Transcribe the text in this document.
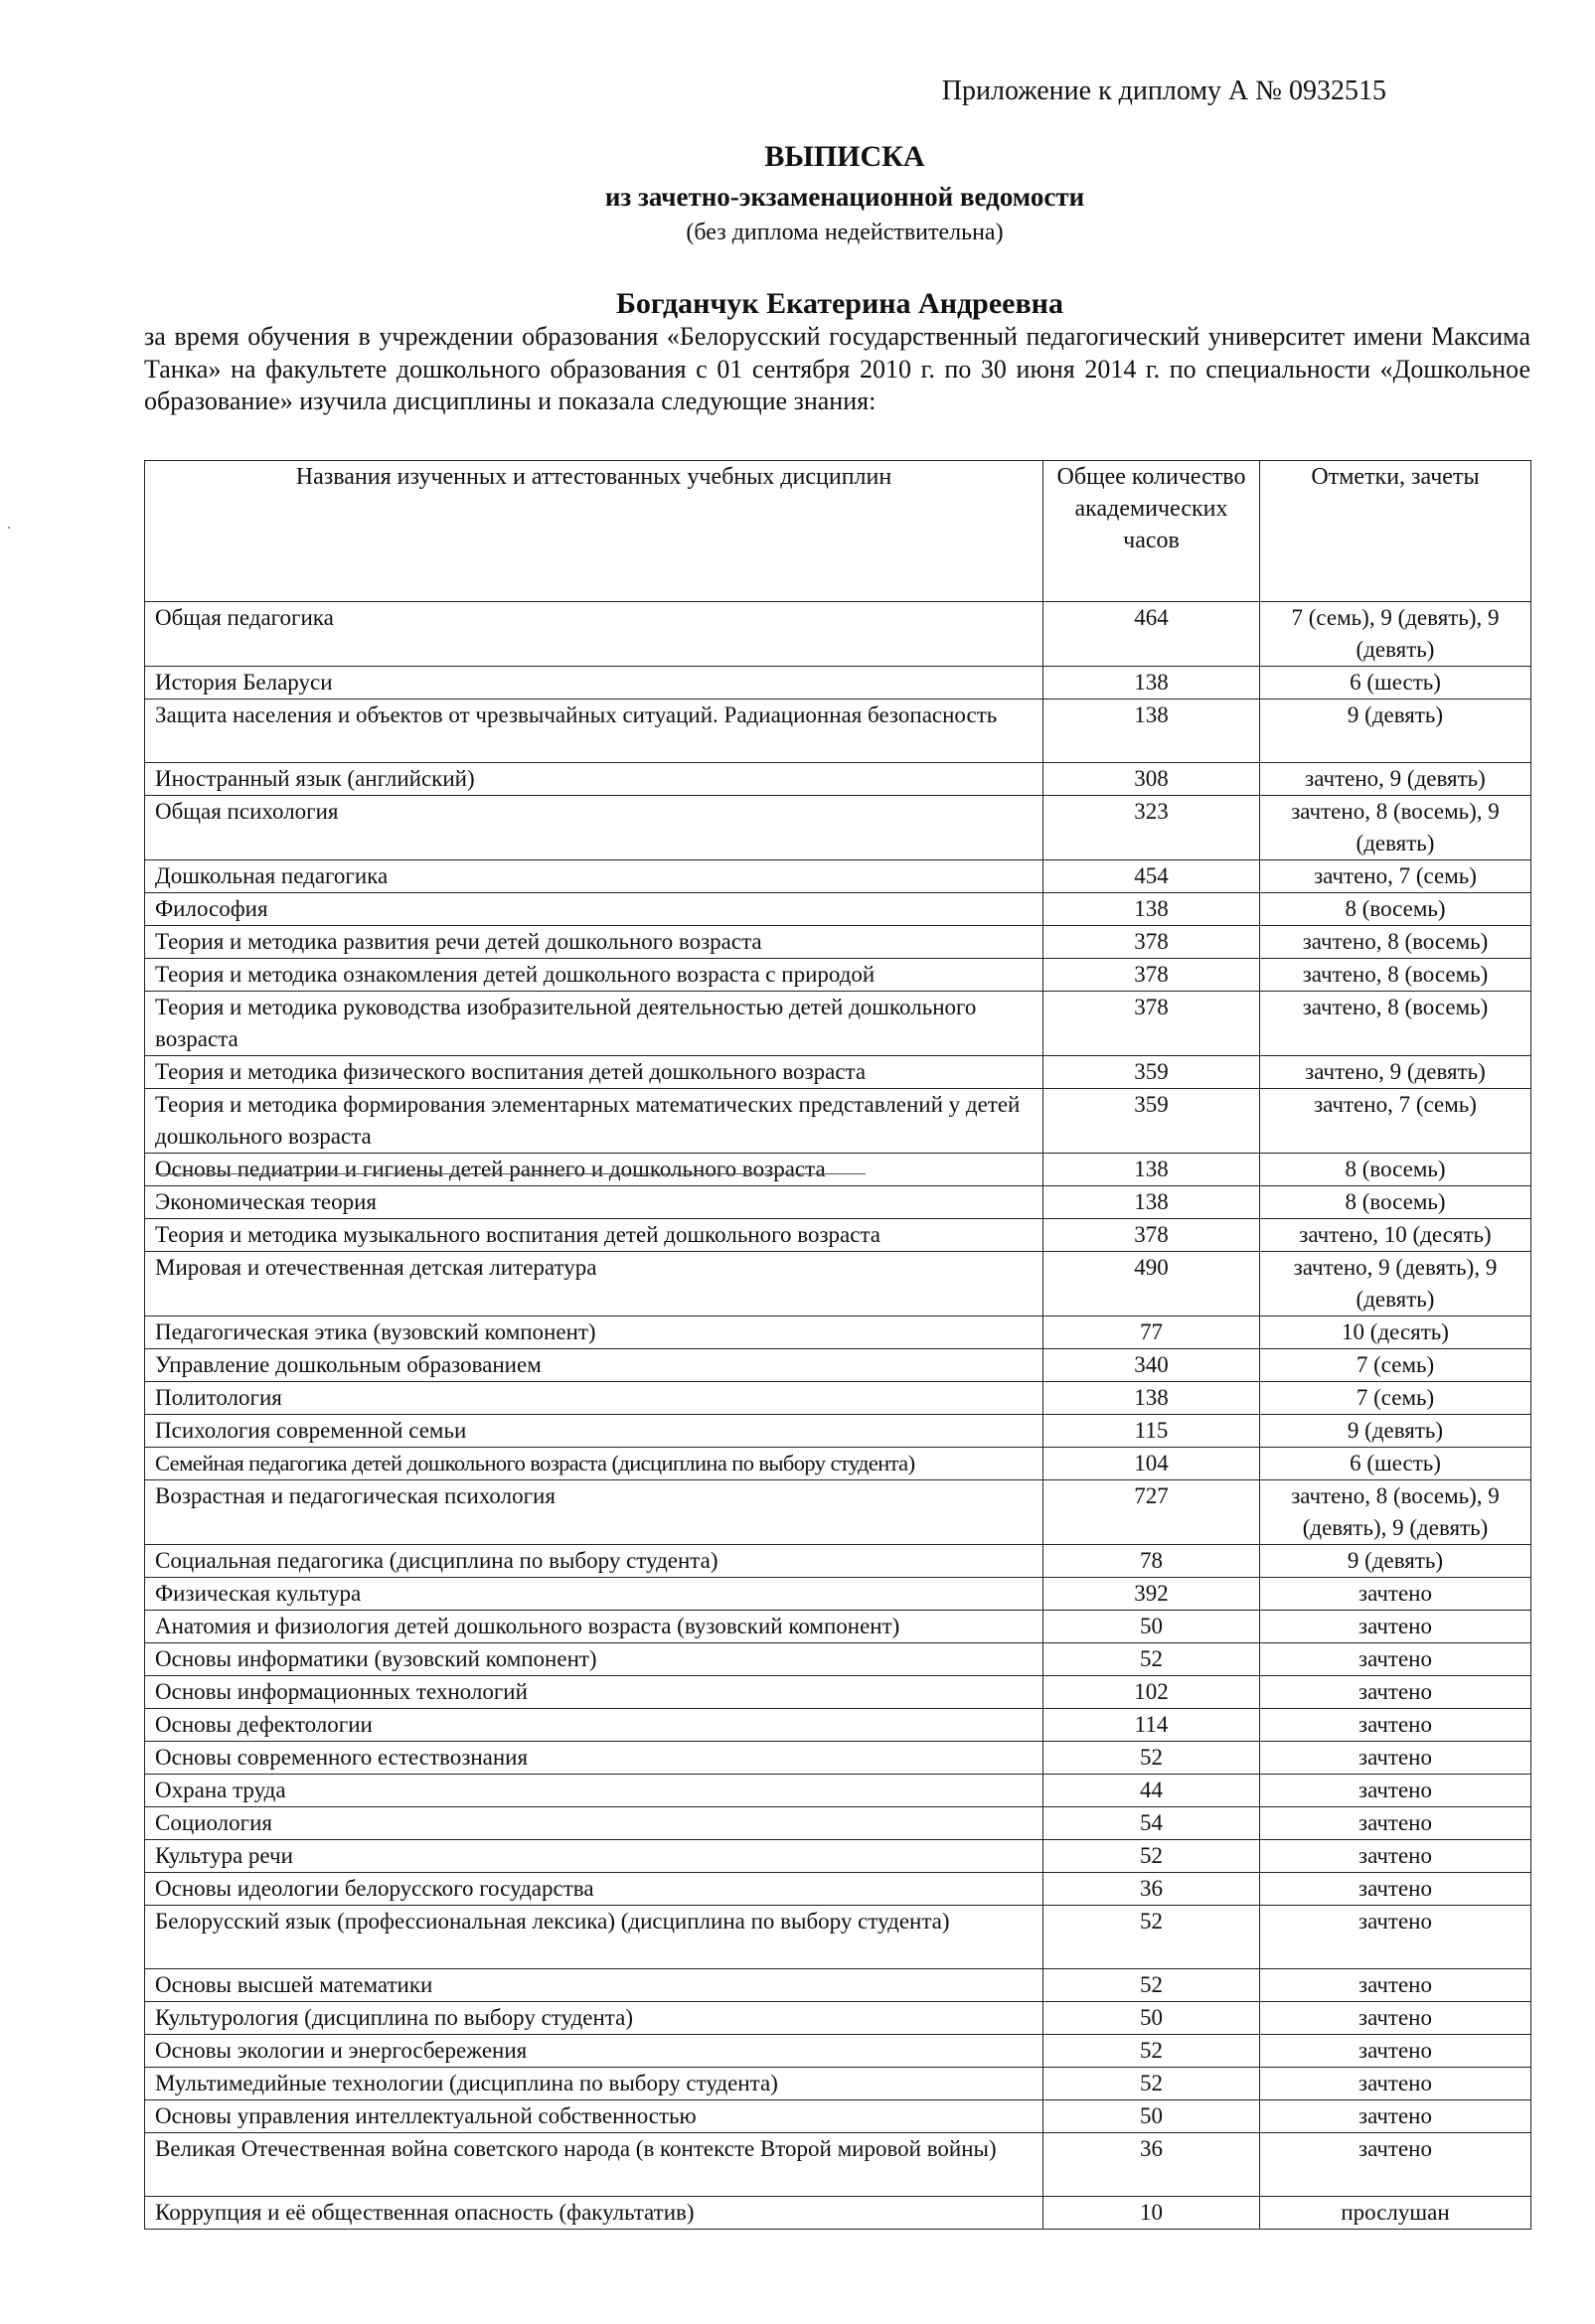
Приложение к диплому А № 0932515
ВЫПИСКА
из зачетно-экзаменационной ведомости
(без диплома недействительна)
Богданчук Екатерина Андреевна
за время обучения в учреждении образования «Белорусский государственный педагогический университет имени Максима Танка» на факультете дошкольного образования с 01 сентября 2010 г. по 30 июня 2014 г. по специальности «Дошкольное образование» изучила дисциплины и показала следующие знания:
Названия изученных и аттестованных учебных дисциплин	Общее количество академических часов	Отметки, зачеты
Общая педагогика	464	7 (семь), 9 (девять), 9 (девять)
История Беларуси	138	6 (шесть)
Защита населения и объектов от чрезвычайных ситуаций. Радиационная безопасность	138	9 (девять)
Иностранный язык (английский)	308	зачтено, 9 (девять)
Общая психология	323	зачтено, 8 (восемь), 9 (девять)
Дошкольная педагогика	454	зачтено, 7 (семь)
Философия	138	8 (восемь)
Теория и методика развития речи детей дошкольного возраста	378	зачтено, 8 (восемь)
Теория и методика ознакомления детей дошкольного возраста с природой	378	зачтено, 8 (восемь)
Теория и методика руководства изобразительной деятельностью детей дошкольного возраста	378	зачтено, 8 (восемь)
Теория и методика физического воспитания детей дошкольного возраста	359	зачтено, 9 (девять)
Теория и методика формирования элементарных математических представлений у детей дошкольного возраста	359	зачтено, 7 (семь)
Основы педиатрии и гигиены детей раннего и дошкольного возраста	138	8 (восемь)
Экономическая теория	138	8 (восемь)
Теория и методика музыкального воспитания детей дошкольного возраста	378	зачтено, 10 (десять)
Мировая и отечественная детская литература	490	зачтено, 9 (девять), 9 (девять)
Педагогическая этика (вузовский компонент)	77	10 (десять)
Управление дошкольным образованием	340	7 (семь)
Политология	138	7 (семь)
Психология современной семьи	115	9 (девять)
Семейная педагогика детей дошкольного возраста (дисциплина по выбору студента)	104	6 (шесть)
Возрастная и педагогическая психология	727	зачтено, 8 (восемь), 9 (девять), 9 (девять)
Социальная педагогика (дисциплина по выбору студента)	78	9 (девять)
Физическая культура	392	зачтено
Анатомия и физиология детей дошкольного возраста (вузовский компонент)	50	зачтено
Основы информатики (вузовский компонент)	52	зачтено
Основы информационных технологий	102	зачтено
Основы дефектологии	114	зачтено
Основы современного естествознания	52	зачтено
Охрана труда	44	зачтено
Социология	54	зачтено
Культура речи	52	зачтено
Основы идеологии белорусского государства	36	зачтено
Белорусский язык (профессиональная лексика) (дисциплина по выбору студента)	52	зачтено
Основы высшей математики	52	зачтено
Культурология (дисциплина по выбору студента)	50	зачтено
Основы экологии и энергосбережения	52	зачтено
Мультимедийные технологии (дисциплина по выбору студента)	52	зачтено
Основы управления интеллектуальной собственностью	50	зачтено
Великая Отечественная война советского народа (в контексте Второй мировой войны)	36	зачтено
Коррупция и её общественная опасность (факультатив)	10	прослушан
